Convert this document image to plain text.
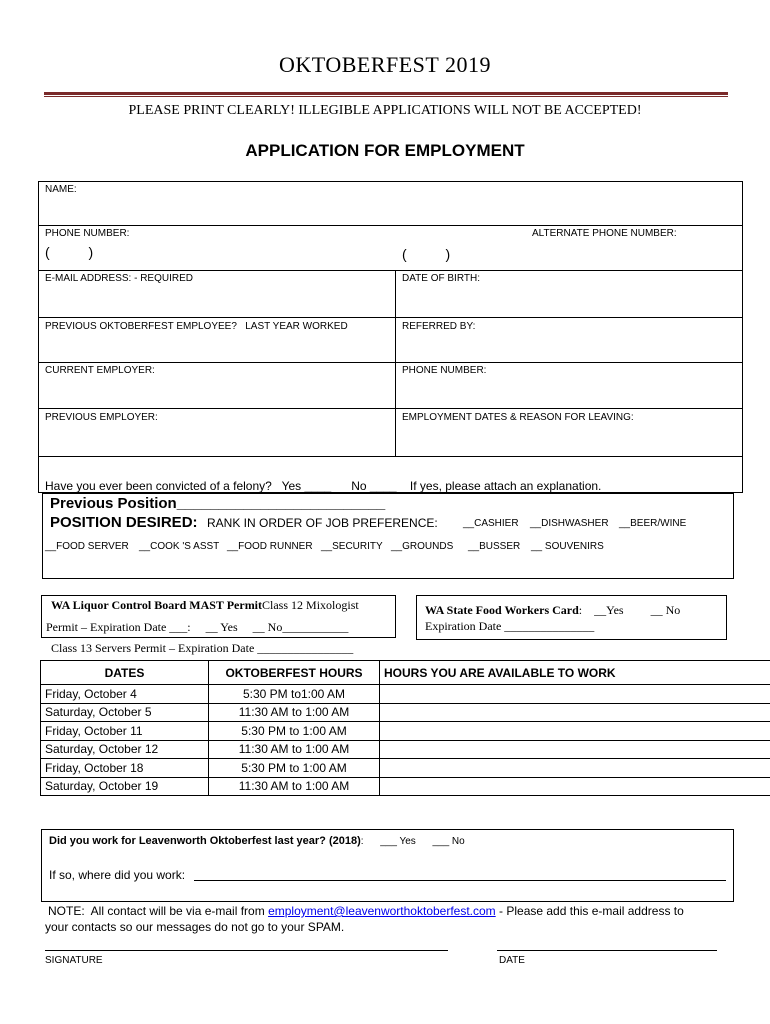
OKTOBERFEST 2019
PLEASE PRINT CLEARLY! ILLEGIBLE APPLICATIONS WILL NOT BE ACCEPTED!
APPLICATION FOR EMPLOYMENT
NAME:
PHONE NUMBER:	ALTERNATE PHONE NUMBER:
(          )	(          )
E-MAIL ADDRESS: - REQUIRED	DATE OF BIRTH:
PREVIOUS OKTOBERFEST EMPLOYEE?   LAST YEAR WORKED	REFERRED BY:
CURRENT EMPLOYER:	PHONE NUMBER:
PREVIOUS EMPLOYER:	EMPLOYMENT DATES & REASON FOR LEAVING:
Have you ever been convicted of a felony?   Yes ____      No ____    If yes, please attach an explanation.
Previous Position_________________________
POSITION DESIRED: RANK IN ORDER OF JOB PREFERENCE:	__CASHIER __DISHWASHER __BEER/WINE
__FOOD SERVER __COOK 'S ASST __FOOD RUNNER __SECURITY __GROUNDS __BUSSER __ SOUVENIRS
WA Liquor Control Board MAST PermitClass 12 Mixologist
Permit – Expiration Date ___:     __ Yes     __ No___________
Class 13 Servers Permit – Expiration Date ________________
WA State Food Workers Card:    __Yes         __ No
Expiration Date _______________
DATES	OKTOBERFEST HOURS	HOURS YOU ARE AVAILABLE TO WORK
Friday, October 4	5:30 PM to1:00 AM	
Saturday, October 5	11:30 AM to 1:00 AM	
Friday, October 11	5:30 PM to 1:00 AM	
Saturday, October 12	11:30 AM to 1:00 AM	
Friday, October 18	5:30 PM to 1:00 AM	
Saturday, October 19	11:30 AM to 1:00 AM	
Did you work for Leavenworth Oktoberfest last year? (2018):      ___ Yes      ___ No
If so, where did you work:
NOTE:  All contact will be via e-mail from employment@leavenworthoktoberfest.com - Please add this e-mail address to
your contacts so our messages do not go to your SPAM.
SIGNATURE	DATE
